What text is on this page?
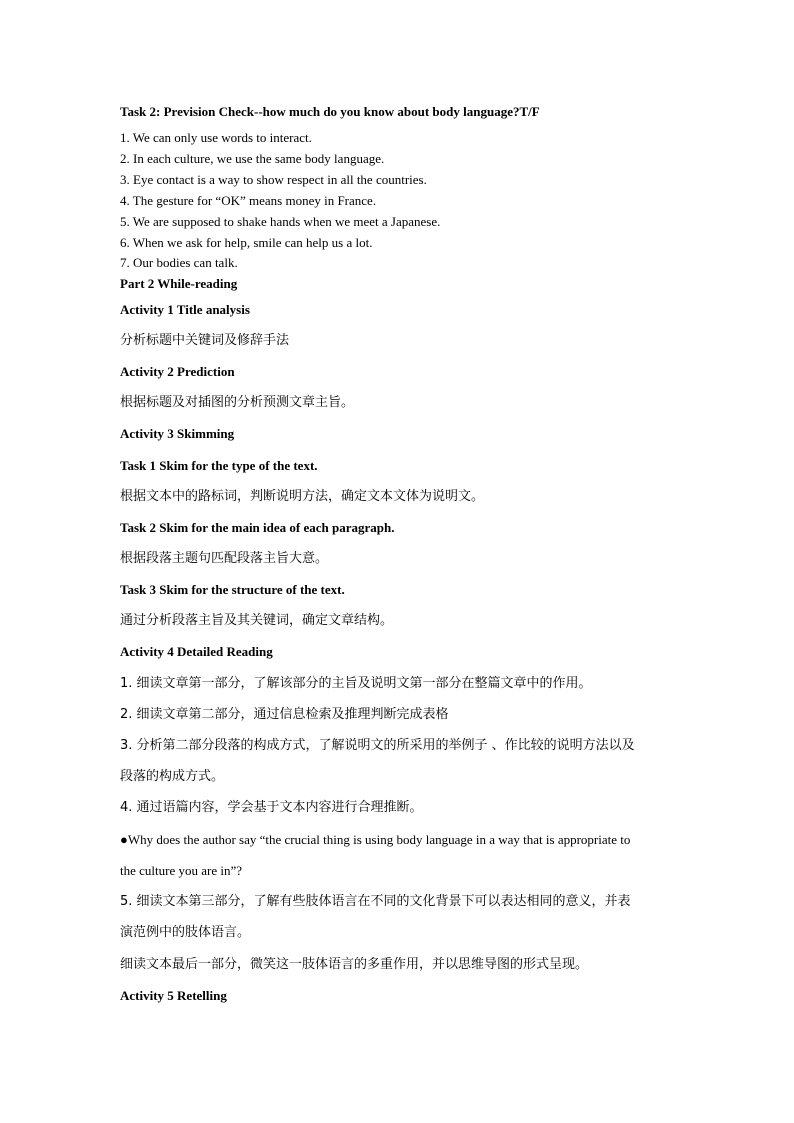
Task 2: Prevision Check--how much do you know about body language?T/F
1. We can only use words to interact.
2. In each culture, we use the same body language.
3. Eye contact is a way to show respect in all the countries.
4. The gesture for “OK” means money in France.
5. We are supposed to shake hands when we meet a Japanese.
6. When we ask for help, smile can help us a lot.
7. Our bodies can talk.
Part 2 While-reading
Activity 1 Title analysis
分析标题中关键词及修辞手法
Activity 2 Prediction
根据标题及对插图的分析预测文章主旨。
Activity 3 Skimming
Task 1 Skim for the type of the text.
根据文本中的路标词，判断说明方法，确定文本文体为说明文。
Task 2 Skim for the main idea of each paragraph.
根据段落主题句匹配段落主旨大意。
Task 3 Skim for the structure of the text.
通过分析段落主旨及其关键词，确定文章结构。
Activity 4 Detailed Reading
1. 细读文章第一部分，了解该部分的主旨及说明文第一部分在整篇文章中的作用。
2. 细读文章第二部分，通过信息检索及推理判断完成表格
3. 分析第二部分段落的构成方式，了解说明文的所采用的举例子 、作比较的说明方法以及
段落的构成方式。
4. 通过语篇内容，学会基于文本内容进行合理推断。
●Why does the author say “the crucial thing is using body language in a way that is appropriate to
the culture you are in”?
5. 细读文本第三部分，了解有些肢体语言在不同的文化背景下可以表达相同的意义，并表
演范例中的肢体语言。
细读文本最后一部分，微笑这一肢体语言的多重作用，并以思维导图的形式呈现。
Activity 5 Retelling
